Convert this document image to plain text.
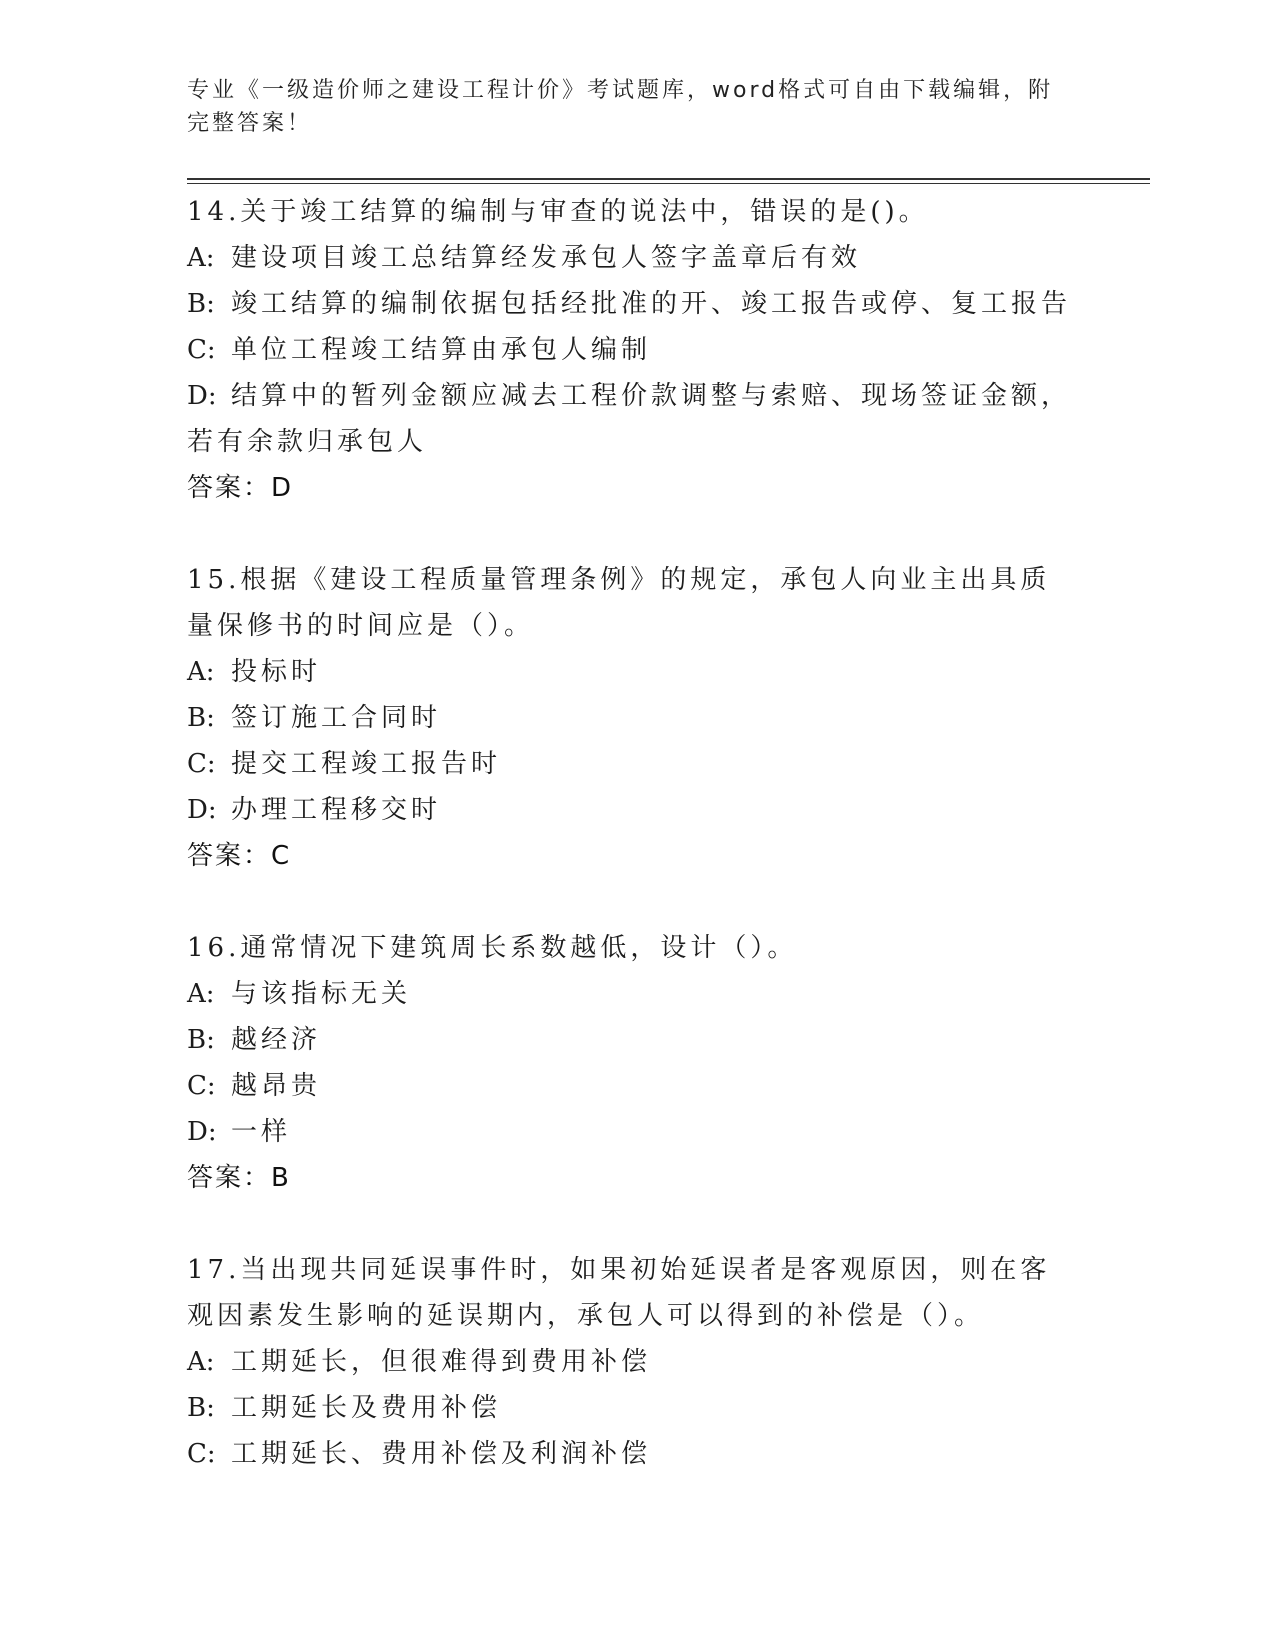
专业《一级造价师之建设工程计价》考试题库，word格式可自由下载编辑，附完整答案！
14.关于竣工结算的编制与审查的说法中，错误的是()。
A: 建设项目竣工总结算经发承包人签字盖章后有效
B: 竣工结算的编制依据包括经批准的开、竣工报告或停、复工报告
C: 单位工程竣工结算由承包人编制
D: 结算中的暂列金额应减去工程价款调整与索赔、现场签证金额，若有余款归承包人
答案：D
15.根据《建设工程质量管理条例》的规定，承包人向业主出具质量保修书的时间应是（）。
A: 投标时
B: 签订施工合同时
C: 提交工程竣工报告时
D: 办理工程移交时
答案：C
16.通常情况下建筑周长系数越低，设计（）。
A: 与该指标无关
B: 越经济
C: 越昂贵
D: 一样
答案：B
17.当出现共同延误事件时，如果初始延误者是客观原因，则在客观因素发生影响的延误期内，承包人可以得到的补偿是（）。
A: 工期延长，但很难得到费用补偿
B: 工期延长及费用补偿
C: 工期延长、费用补偿及利润补偿
